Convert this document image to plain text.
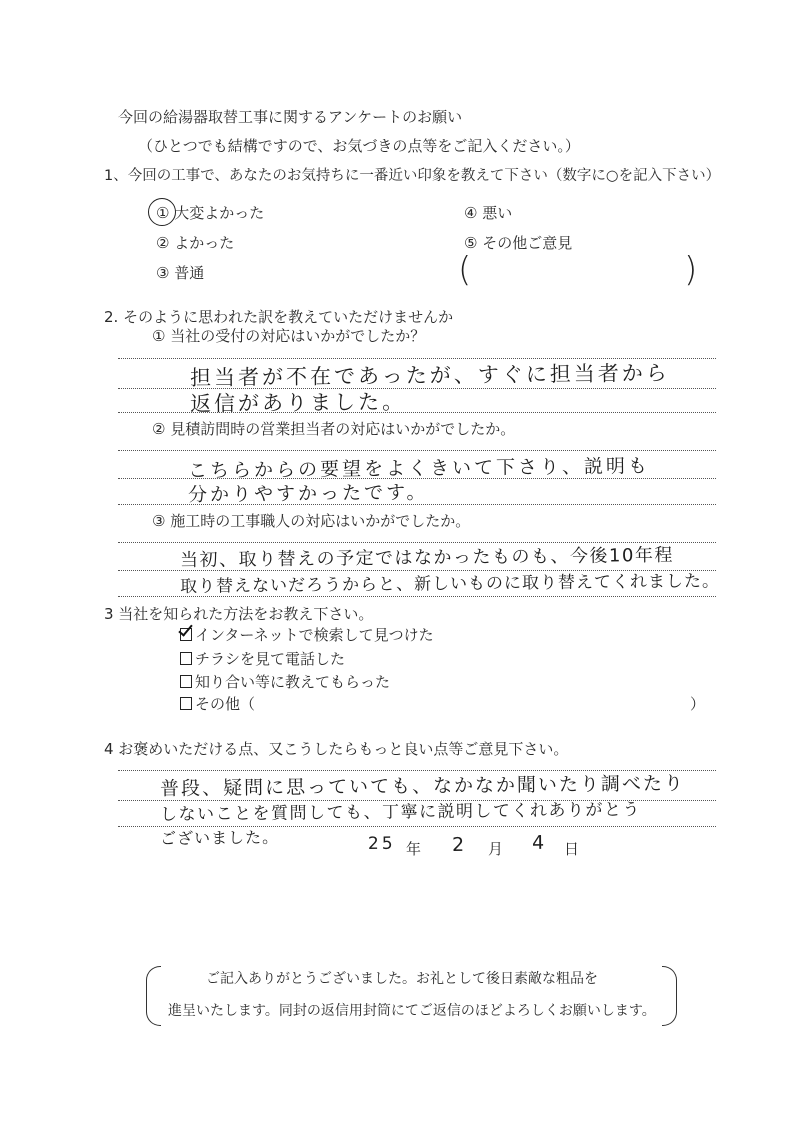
今回の給湯器取替工事に関するアンケートのお願い
（ひとつでも結構ですので、お気づきの点等をご記入ください。）
1、今回の工事で、あなたのお気持ちに一番近い印象を教えて下さい（数字に○を記入下さい）
① 大変よかった
② よかった
③ 普通
④ 悪い
⑤ その他ご意見
(	)
2. そのように思われた訳を教えていただけませんか
① 当社の受付の対応はいかがでしたか？
担当者が不在であったが、すぐに担当者から
返信がありました。
② 見積訪問時の営業担当者の対応はいかがでしたか。
こちらからの要望をよくきいて下さり、説明も
分かりやすかったです。
③ 施工時の工事職人の対応はいかがでしたか。
当初、取り替えの予定ではなかったものも、今後10年程
取り替えないだろうからと、新しいものに取り替えてくれました。
3 当社を知られた方法をお教え下さい。
インターネットで検索して見つけた
チラシを見て電話した
知り合い等に教えてもらった
その他（	）
4 お褒めいただける点、又こうしたらもっと良い点等ご意見下さい。
普段、疑問に思っていても、なかなか聞いたり調べたり
しないことを質問しても、丁寧に説明してくれありがとう
ございました。	25 年 2 月 4 日
ご記入ありがとうございました。お礼として後日素敵な粗品を
進呈いたします。同封の返信用封筒にてご返信のほどよろしくお願いします。
